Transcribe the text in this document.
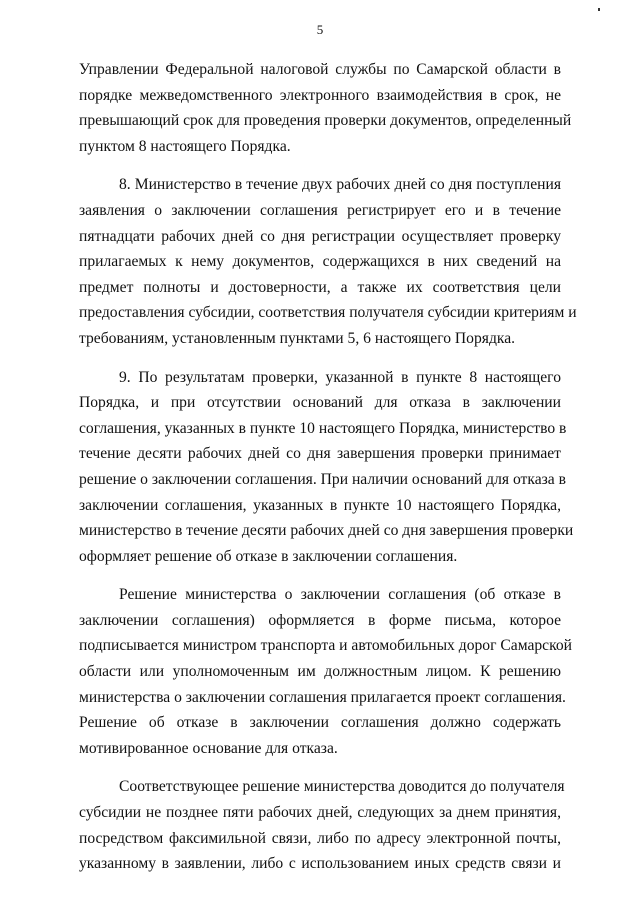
5
Управлении Федеральной налоговой службы по Самарской области в
порядке межведомственного электронного взаимодействия в срок, не
превышающий срок для проведения проверки документов, определенный
пунктом 8 настоящего Порядка.
8. Министерство в течение двух рабочих дней со дня поступления
заявления о заключении соглашения регистрирует его и в течение
пятнадцати рабочих дней со дня регистрации осуществляет проверку
прилагаемых к нему документов, содержащихся в них сведений на
предмет полноты и достоверности, а также их соответствия цели
предоставления субсидии, соответствия получателя субсидии критериям и
требованиям, установленным пунктами 5, 6 настоящего Порядка.
9. По результатам проверки, указанной в пункте 8 настоящего
Порядка, и при отсутствии оснований для отказа в заключении
соглашения, указанных в пункте 10 настоящего Порядка, министерство в
течение десяти рабочих дней со дня завершения проверки принимает
решение о заключении соглашения. При наличии оснований для отказа в
заключении соглашения, указанных в пункте 10 настоящего Порядка,
министерство в течение десяти рабочих дней со дня завершения проверки
оформляет решение об отказе в заключении соглашения.
Решение министерства о заключении соглашения (об отказе в
заключении соглашения) оформляется в форме письма, которое
подписывается министром транспорта и автомобильных дорог Самарской
области или уполномоченным им должностным лицом. К решению
министерства о заключении соглашения прилагается проект соглашения.
Решение об отказе в заключении соглашения должно содержать
мотивированное основание для отказа.
Соответствующее решение министерства доводится до получателя
субсидии не позднее пяти рабочих дней, следующих за днем принятия,
посредством факсимильной связи, либо по адресу электронной почты,
указанному в заявлении, либо с использованием иных средств связи и
